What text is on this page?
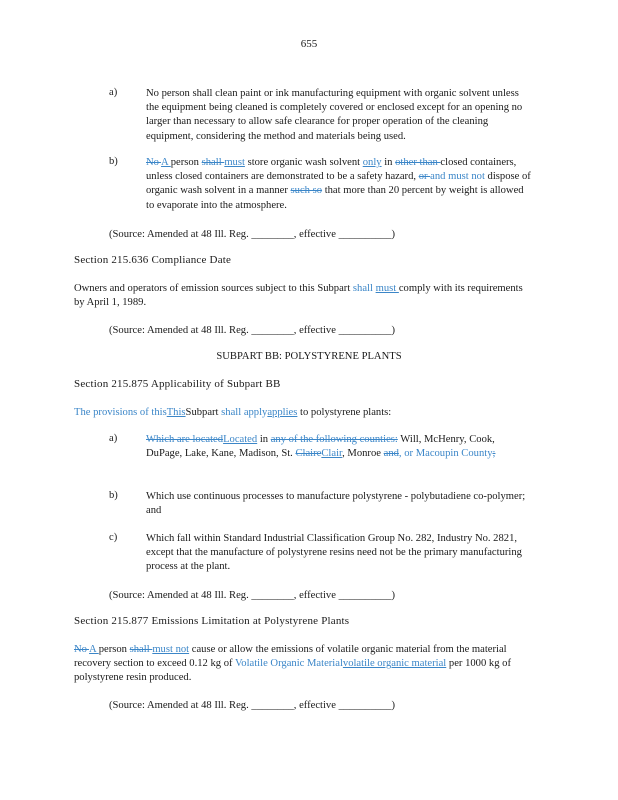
655
a)	No person shall clean paint or ink manufacturing equipment with organic solvent unless the equipment being cleaned is completely covered or enclosed except for an opening no larger than necessary to allow safe clearance for proper operation of the cleaning equipment, considering the method and materials being used.
b)	No A person shall must store organic wash solvent only in other than closed containers, unless closed containers are demonstrated to be a safety hazard, or and must not dispose of organic wash solvent in a manner such so that more than 20 percent by weight is allowed to evaporate into the atmosphere.
(Source: Amended at 48 Ill. Reg. ________, effective __________)
Section 215.636 Compliance Date
Owners and operators of emission sources subject to this Subpart shall must comply with its requirements by April 1, 1989.
(Source: Amended at 48 Ill. Reg. ________, effective __________)
SUBPART BB: POLYSTYRENE PLANTS
Section 215.875 Applicability of Subpart BB
The provisions of thisThisSubpart shall applyapplies to polystyrene plants:
a)	Which are locatedLocated in any of the following counties: Will, McHenry, Cook, DuPage, Lake, Kane, Madison, St. ClaireClair, Monroe and, or Macoupin County;
b)	Which use continuous processes to manufacture polystyrene - polybutadiene co-polymer; and
c)	Which fall within Standard Industrial Classification Group No. 282, Industry No. 2821, except that the manufacture of polystyrene resins need not be the primary manufacturing process at the plant.
(Source: Amended at 48 Ill. Reg. ________, effective __________)
Section 215.877 Emissions Limitation at Polystyrene Plants
No A person shall must not cause or allow the emissions of volatile organic material from the material recovery section to exceed 0.12 kg of Volatile Organic Materialvolatile organic material per 1000 kg of polystyrene resin produced.
(Source: Amended at 48 Ill. Reg. ________, effective __________)
